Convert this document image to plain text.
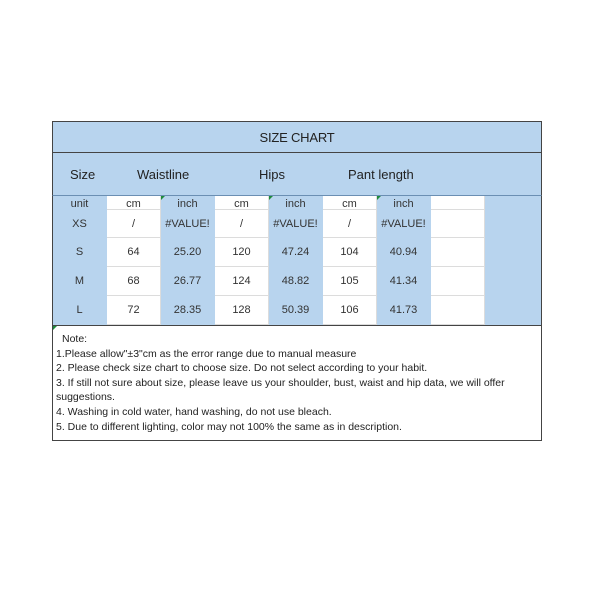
SIZE CHART
Size	Waistline	Hips	Pant length
unit	cm	inch	cm	inch	cm	inch
XS	/	#VALUE!	/	#VALUE!	/	#VALUE!
S	64	25.20	120	47.24	104	40.94
M	68	26.77	124	48.82	105	41.34
L	72	28.35	128	50.39	106	41.73
Note:
1.Please allow"±3"cm as the error range due to manual measure
2. Please check size chart to choose size. Do not select according to your habit.
3. If still not sure about size, please leave us your shoulder, bust, waist and hip data, we will offer suggestions.
4. Washing in cold water, hand washing, do not use bleach.
5. Due to different lighting, color may not 100% the same as in description.
